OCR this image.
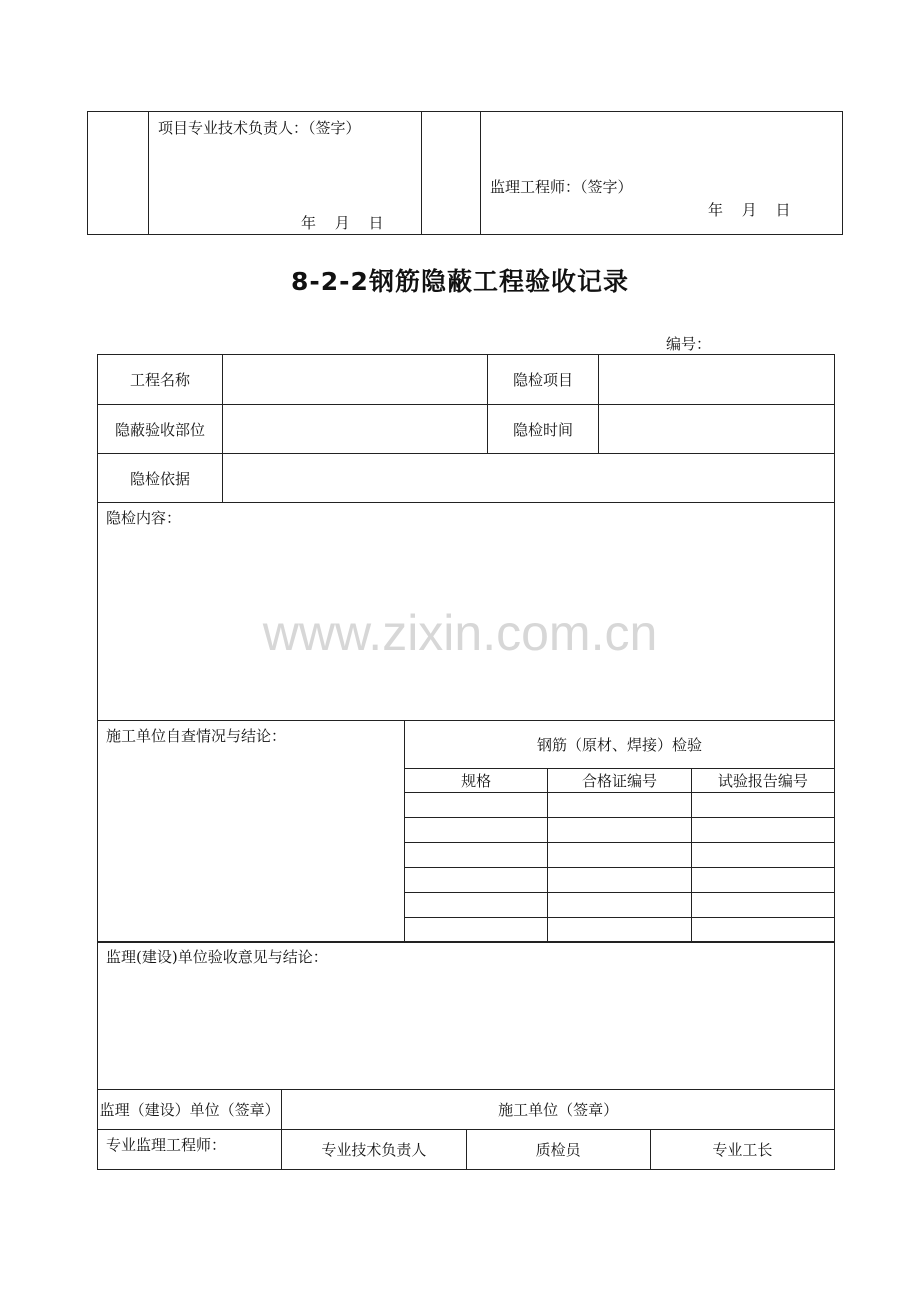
项目专业技术负责人：（签字）
年 月 日

监理工程师：（签字）
年 月 日
8-2-2钢筋隐蔽工程验收记录
编号：
工程名称		隐检项目	
隐蔽验收部位		隐检时间	
隐检依据			
隐检内容：			
施工单位自查情况与结论：		钢筋（原材、焊接）检验
规格	合格证编号	试验报告编号

监理(建设)单位验收意见与结论：			
监理（建设）单位（签章）	施工单位（签章）		
专业监理工程师：	专业技术负责人	质检员	专业工长
www.zixin.com.cn
